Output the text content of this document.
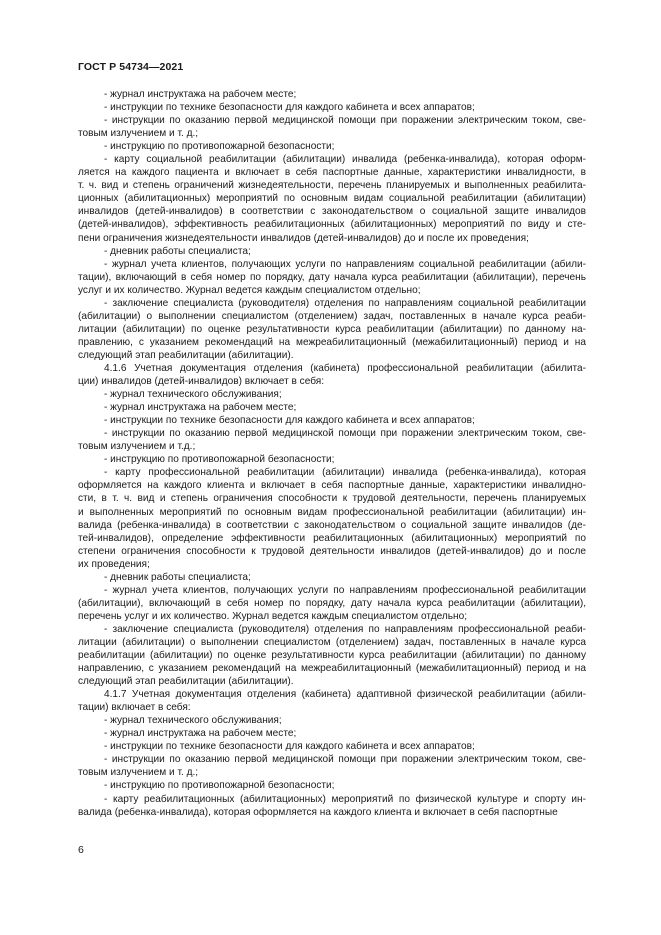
ГОСТ Р 54734—2021

- журнал инструктажа на рабочем месте;

- инструкции по технике безопасности для каждого кабинета и всех аппаратов;

- инструкции по оказанию первой медицинской помощи при поражении электрическим током, све-
товым излучением и т. д.;

- инструкцию по противопожарной безопасности;

- карту социальной реабилитации (абилитации) инвалида (ребенка-инвалида), которая оформ-
ляется на каждого пациента и включает в себя паспортные данные, характеристики инвалидности, в
т. ч. вид и степень ограничений жизнедеятельности, перечень планируемых и выполненных реабилита-
ционных (абилитационных) мероприятий по основным видам социальной реабилитации (абилитации)
инвалидов (детей-инвалидов) в соответствии с законодательством о социальной защите инвалидов
(детей-инвалидов), эффективность реабилитационных (абилитационных) мероприятий по виду и сте-
пени ограничения жизнедеятельности инвалидов (детей-инвалидов) до и после их проведения;

- дневник работы специалиста;

- журнал учета клиентов, получающих услуги по направлениям социальной реабилитации (абили-
тации), включающий в себя номер по порядку, дату начала курса реабилитации (абилитации), перечень
услуг и их количество. Журнал ведется каждым специалистом отдельно;

- заключение специалиста (руководителя) отделения по направлениям социальной реабилитации
(абилитации) о выполнении специалистом (отделением) задач, поставленных в начале курса реаби-
литации (абилитации) по оценке результативности курса реабилитации (абилитации) по данному на-
правлению, с указанием рекомендаций на межреабилитационный (межабилитационный) период и на
следующий этап реабилитации (абилитации).

4.1.6 Учетная документация отделения (кабинета) профессиональной реабилитации (абилита-
ции) инвалидов (детей-инвалидов) включает в себя:

- журнал технического обслуживания;

- журнал инструктажа на рабочем месте;

- инструкции по технике безопасности для каждого кабинета и всех аппаратов;

- инструкции по оказанию первой медицинской помощи при поражении электрическим током, све-
товым излучением и т.д.;

- инструкцию по противопожарной безопасности;

- карту профессиональной реабилитации (абилитации) инвалида (ребенка-инвалида), которая
оформляется на каждого клиента и включает в себя паспортные данные, характеристики инвалидно-
сти, в т. ч. вид и степень ограничения способности к трудовой деятельности, перечень планируемых
и выполненных мероприятий по основным видам профессиональной реабилитации (абилитации) ин-
валида (ребенка-инвалида) в соответствии с законодательством о социальной защите инвалидов (де-
тей-инвалидов), определение эффективности реабилитационных (абилитационных) мероприятий по
степени ограничения способности к трудовой деятельности инвалидов (детей-инвалидов) до и после
их проведения;

- дневник работы специалиста;

- журнал учета клиентов, получающих услуги по направлениям профессиональной реабилитации
(абилитации), включающий в себя номер по порядку, дату начала курса реабилитации (абилитации),
перечень услуг и их количество. Журнал ведется каждым специалистом отдельно;

- заключение специалиста (руководителя) отделения по направлениям профессиональной реаби-
литации (абилитации) о выполнении специалистом (отделением) задач, поставленных в начале курса
реабилитации (абилитации) по оценке результативности курса реабилитации (абилитации) по данному
направлению, с указанием рекомендаций на межреабилитационный (межабилитационный) период и на
следующий этап реабилитации (абилитации).

4.1.7 Учетная документация отделения (кабинета) адаптивной физической реабилитации (абили-
тации) включает в себя:

- журнал технического обслуживания;

- журнал инструктажа на рабочем месте;

- инструкции по технике безопасности для каждого кабинета и всех аппаратов;

- инструкции по оказанию первой медицинской помощи при поражении электрическим током, све-
товым излучением и т. д.;

- инструкцию по противопожарной безопасности;

- карту реабилитационных (абилитационных) мероприятий по физической культуре и спорту ин-
валида (ребенка-инвалида), которая оформляется на каждого клиента и включает в себя паспортные

6
